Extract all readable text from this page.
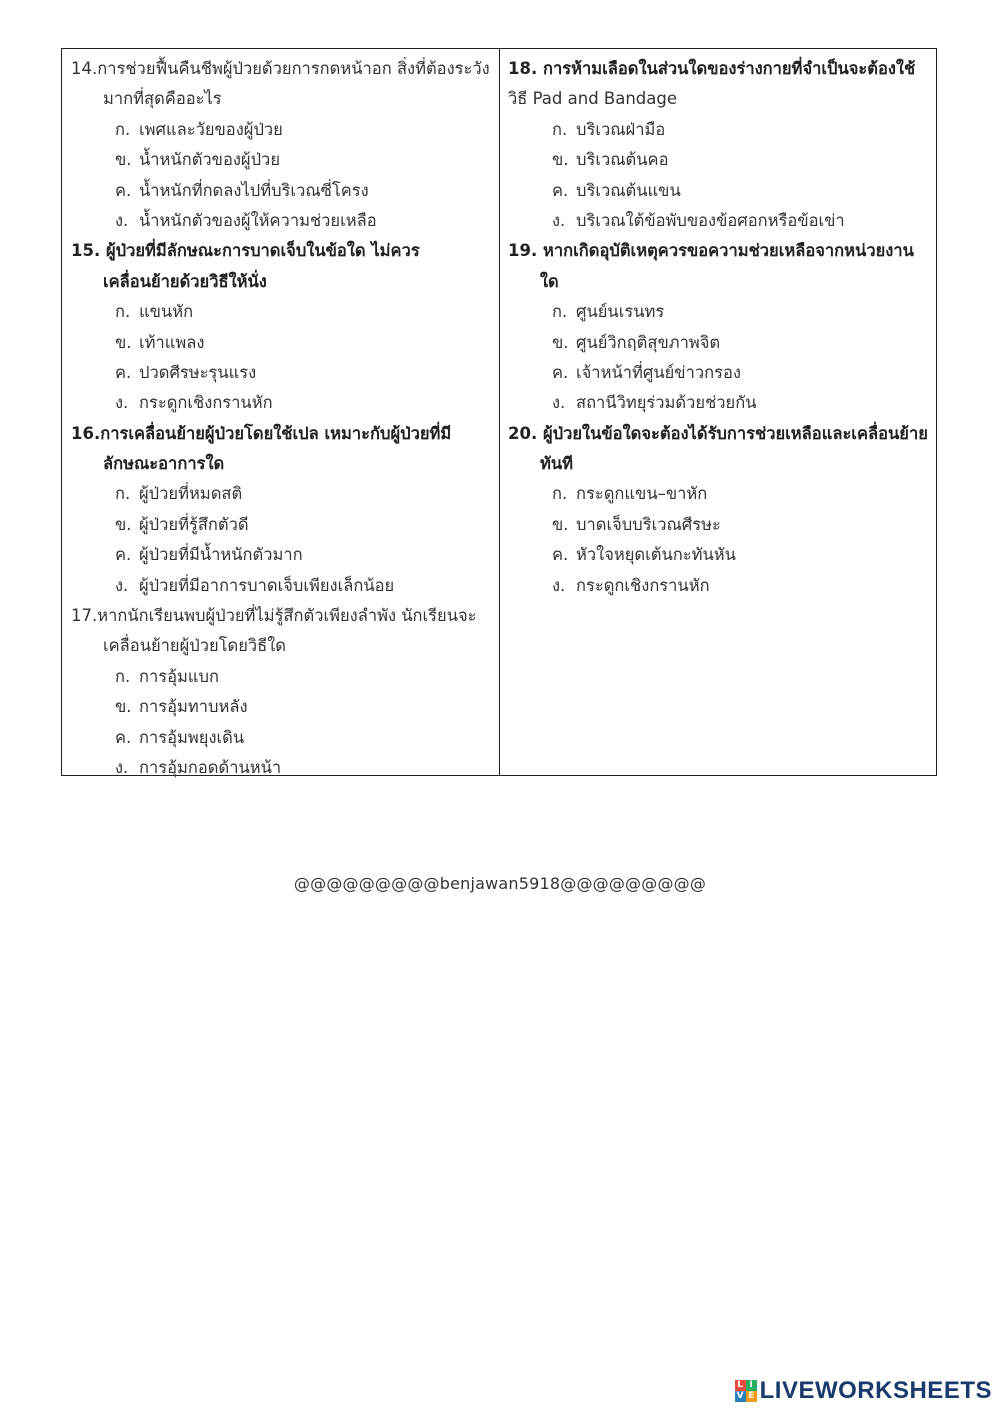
14.การช่วยฟื้นคืนชีพผู้ป่วยด้วยการกดหน้าอก สิ่งที่ต้องระวัง
มากที่สุดคืออะไร
ก. เพศและวัยของผู้ป่วย
ข. น้ำหนักตัวของผู้ป่วย
ค. น้ำหนักที่กดลงไปที่บริเวณซี่โครง
ง. น้ำหนักตัวของผู้ให้ความช่วยเหลือ
15. ผู้ป่วยที่มีลักษณะการบาดเจ็บในข้อใด ไม่ควร
เคลื่อนย้ายด้วยวิธีให้นั่ง
ก. แขนหัก
ข. เท้าแพลง
ค. ปวดศีรษะรุนแรง
ง. กระดูกเชิงกรานหัก
16.การเคลื่อนย้ายผู้ป่วยโดยใช้เปล เหมาะกับผู้ป่วยที่มี
ลักษณะอาการใด
ก. ผู้ป่วยที่หมดสติ
ข. ผู้ป่วยที่รู้สึกตัวดี
ค. ผู้ป่วยที่มีน้ำหนักตัวมาก
ง. ผู้ป่วยที่มีอาการบาดเจ็บเพียงเล็กน้อย
17.หากนักเรียนพบผู้ป่วยที่ไม่รู้สึกตัวเพียงลำพัง นักเรียนจะ
เคลื่อนย้ายผู้ป่วยโดยวิธีใด
ก. การอุ้มแบก
ข. การอุ้มทาบหลัง
ค. การอุ้มพยุงเดิน
ง. การอุ้มกอดด้านหน้า
18. การห้ามเลือดในส่วนใดของร่างกายที่จำเป็นจะต้องใช้
วิธี Pad and Bandage
ก. บริเวณฝ่ามือ
ข. บริเวณต้นคอ
ค. บริเวณต้นแขน
ง. บริเวณใต้ข้อพับของข้อศอกหรือข้อเข่า
19. หากเกิดอุบัติเหตุควรขอความช่วยเหลือจากหน่วยงาน
ใด
ก. ศูนย์นเรนทร
ข. ศูนย์วิกฤติสุขภาพจิต
ค. เจ้าหน้าที่ศูนย์ข่าวกรอง
ง. สถานีวิทยุร่วมด้วยช่วยกัน
20. ผู้ป่วยในข้อใดจะต้องได้รับการช่วยเหลือและเคลื่อนย้าย
ทันที
ก. กระดูกแขน–ขาหัก
ข. บาดเจ็บบริเวณศีรษะ
ค. หัวใจหยุดเต้นกะทันหัน
ง. กระดูกเชิงกรานหัก
@@@@@@@@@benjawan5918@@@@@@@@@
L I
V E LIVEWORKSHEETS
